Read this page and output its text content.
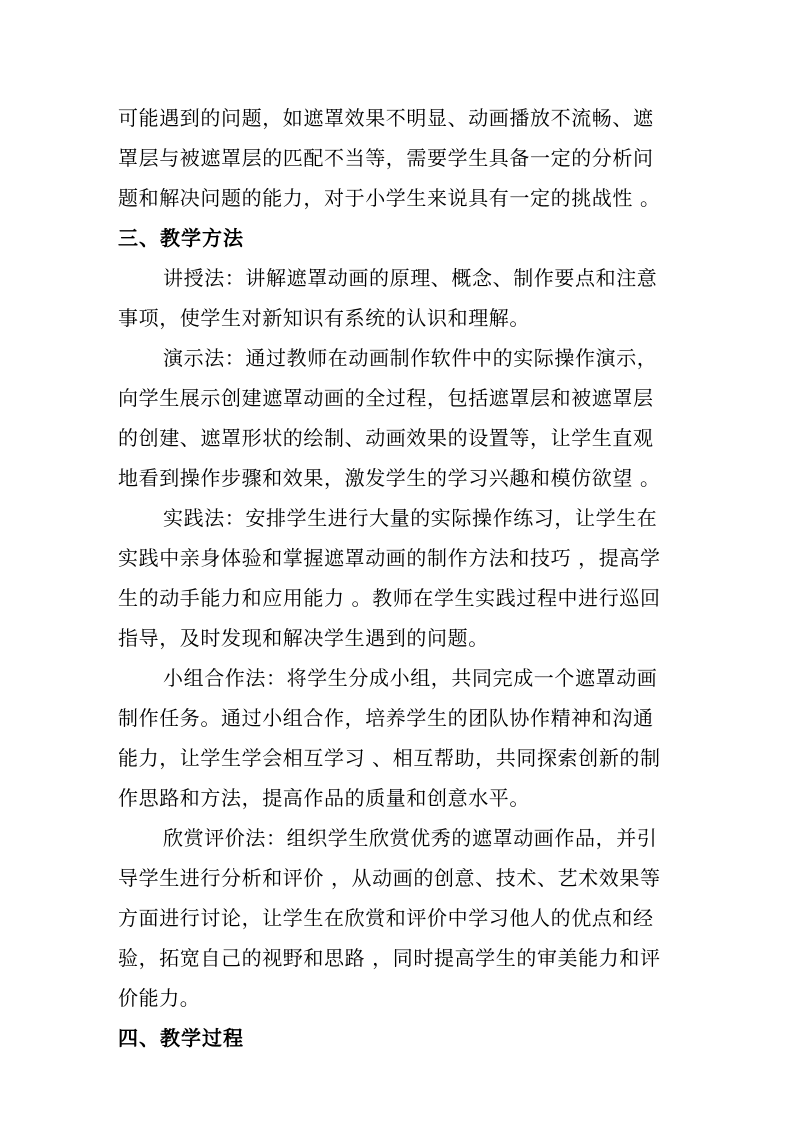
可能遇到的问题，如遮罩效果不明显、动画播放不流畅、遮
罩层与被遮罩层的匹配不当等，需要学生具备一定的分析问
题和解决问题的能力，对于小学生来说具有一定的挑战性 。
三、教学方法
讲授法：讲解遮罩动画的原理、概念、制作要点和注意
事项，使学生对新知识有系统的认识和理解。
演示法：通过教师在动画制作软件中的实际操作演示，
向学生展示创建遮罩动画的全过程，包括遮罩层和被遮罩层
的创建、遮罩形状的绘制、动画效果的设置等，让学生直观
地看到操作步骤和效果，激发学生的学习兴趣和模仿欲望 。
实践法：安排学生进行大量的实际操作练习，让学生在
实践中亲身体验和掌握遮罩动画的制作方法和技巧 ，提高学
生的动手能力和应用能力 。教师在学生实践过程中进行巡回
指导，及时发现和解决学生遇到的问题。
小组合作法：将学生分成小组，共同完成一个遮罩动画
制作任务。通过小组合作，培养学生的团队协作精神和沟通
能力，让学生学会相互学习 、相互帮助，共同探索创新的制
作思路和方法，提高作品的质量和创意水平。
欣赏评价法：组织学生欣赏优秀的遮罩动画作品，并引
导学生进行分析和评价 ，从动画的创意、技术、艺术效果等
方面进行讨论，让学生在欣赏和评价中学习他人的优点和经
验，拓宽自己的视野和思路 ，同时提高学生的审美能力和评
价能力。
四、教学过程
